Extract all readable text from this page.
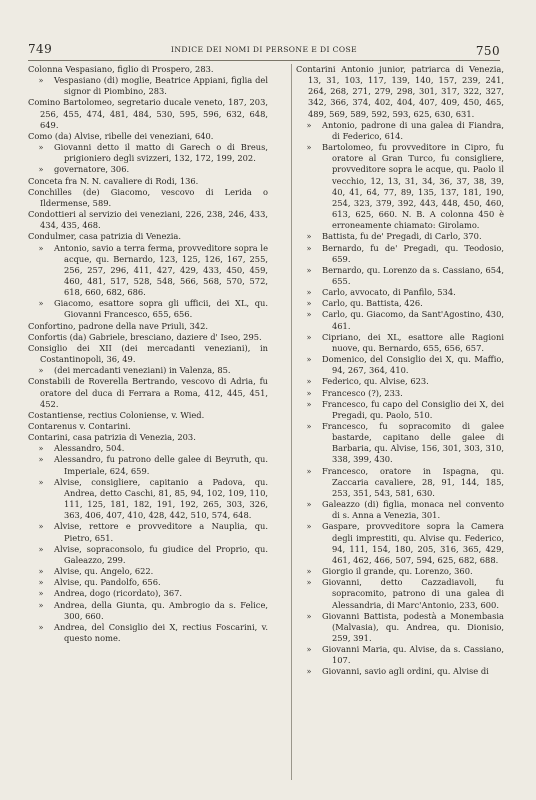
749	INDICE DEI NOMI DI PERSONE E DI COSE	750
Colonna Vespasiano, figlio di Prospero, 283.
»	Vespasiano (di) moglie, Beatrice Appiani, figlia del signor di Piombino, 283.
Comino Bartolomeo, segretario ducale veneto, 187, 203, 256, 455, 474, 481, 484, 530, 595, 596, 632, 648, 649.
Como (da) Alvise, ribelle dei veneziani, 640.
»	Giovanni detto il matto di Garech o di Breus, prigioniero degli svizzeri, 132, 172, 199, 202.
»	governatore, 306.
Conceta fra N. N. cavaliere di Rodi, 136.
Conchilles (de) Giacomo, vescovo di Lerida o Ildermense, 589.
Condottieri al servizio dei veneziani, 226, 238, 246, 433, 434, 435, 468.
Condulmer, casa patrizia di Venezia.
»	Antonio, savio a terra ferma, provveditore sopra le acque, qu. Bernardo, 123, 125, 126, 167, 255, 256, 257, 296, 411, 427, 429, 433, 450, 459, 460, 481, 517, 528, 548, 566, 568, 570, 572, 618, 660, 682, 686.
»	Giacomo, esattore sopra gli ufficii, dei XL, qu. Giovanni Francesco, 655, 656.
Confortino, padrone della nave Priuli, 342.
Confortis (da) Gabriele, bresciano, daziere d' Iseo, 295.
Consiglio dei XII (dei mercadanti veneziani), in Costantinopoli, 36, 49.
»	(dei mercadanti veneziani) in Valenza, 85.
Constabili de Roverella Bertrando, vescovo di Adria, fu oratore del duca di Ferrara a Roma, 412, 445, 451, 452.
Costantiense, rectius Coloniense, v. Wied.
Contarenus v. Contarini.
Contarini, casa patrizia di Venezia, 203.
»	Alessandro, 504.
»	Alessandro, fu patrono delle galee di Beyruth, qu. Imperiale, 624, 659.
»	Alvise, consigliere, capitanio a Padova, qu. Andrea, detto Caschi, 81, 85, 94, 102, 109, 110, 111, 125, 181, 182, 191, 192, 265, 303, 326, 363, 406, 407, 410, 428, 442, 510, 574, 648.
»	Alvise, rettore e provveditore a Nauplia, qu. Pietro, 651.
»	Alvise, sopraconsolo, fu giudice del Proprio, qu. Galeazzo, 299.
»	Alvise, qu. Angelo, 622.
»	Alvise, qu. Pandolfo, 656.
»	Andrea, dogo (ricordato), 367.
»	Andrea, della Giunta, qu. Ambrogio da s. Felice, 300, 660.
»	Andrea, del Consiglio dei X, rectius Foscarini, v. questo nome.
Contarini Antonio junior, patriarca di Venezia, 13, 31, 103, 117, 139, 140, 157, 239, 241, 264, 268, 271, 279, 298, 301, 317, 322, 327, 342, 366, 374, 402, 404, 407, 409, 450, 465, 489, 569, 589, 592, 593, 625, 630, 631.
»	Antonio, padrone di una galea di Fiandra, di Federico, 614.
»	Bartolomeo, fu provveditore in Cipro, fu oratore al Gran Turco, fu consigliere, provveditore sopra le acque, qu. Paolo il vecchio, 12, 13, 31, 34, 36, 37, 38, 39, 40, 41, 64, 77, 89, 135, 137, 181, 190, 254, 323, 379, 392, 443, 448, 450, 460, 613, 625, 660. N. B. A colonna 450 è erroneamente chiamato: Girolamo.
»	Battista, fu de' Pregadi, di Carlo, 370.
»	Bernardo, fu de' Pregadi, qu. Teodosio, 659.
»	Bernardo, qu. Lorenzo da s. Cassiano, 654, 655.
»	Carlo, avvocato, di Panfilo, 534.
»	Carlo, qu. Battista, 426.
»	Carlo, qu. Giacomo, da Sant'Agostino, 430, 461.
»	Cipriano, dei XL, esattore alle Ragioni nuove, qu. Bernardo, 655, 656, 657.
»	Domenico, del Consiglio dei X, qu. Maffio, 94, 267, 364, 410.
»	Federico, qu. Alvise, 623.
»	Francesco (?), 233.
»	Francesco, fu capo del Consiglio dei X, dei Pregadi, qu. Paolo, 510.
»	Francesco, fu sopracomito di galee bastarde, capitano delle galee di Barbaria, qu. Alvise, 156, 301, 303, 310, 338, 399, 430.
»	Francesco, oratore in Ispagna, qu. Zaccaria cavaliere, 28, 91, 144, 185, 253, 351, 543, 581, 630.
»	Galeazzo (di) figlia, monaca nel convento di s. Anna a Venezia, 301.
»	Gaspare, provveditore sopra la Camera degli imprestiti, qu. Alvise qu. Federico, 94, 111, 154, 180, 205, 316, 365, 429, 461, 462, 466, 507, 594, 625, 682, 688.
»	Giorgio il grande, qu. Lorenzo, 360.
»	Giovanni, detto Cazzadiavoli, fu sopracomito, patrono di una galea di Alessandria, di Marc'Antonio, 233, 600.
»	Giovanni Battista, podestà a Monembasia (Malvasia), qu. Andrea, qu. Dionisio, 259, 391.
»	Giovanni Maria, qu. Alvise, da s. Cassiano, 107.
»	Giovanni, savio agli ordini, qu. Alvise di
